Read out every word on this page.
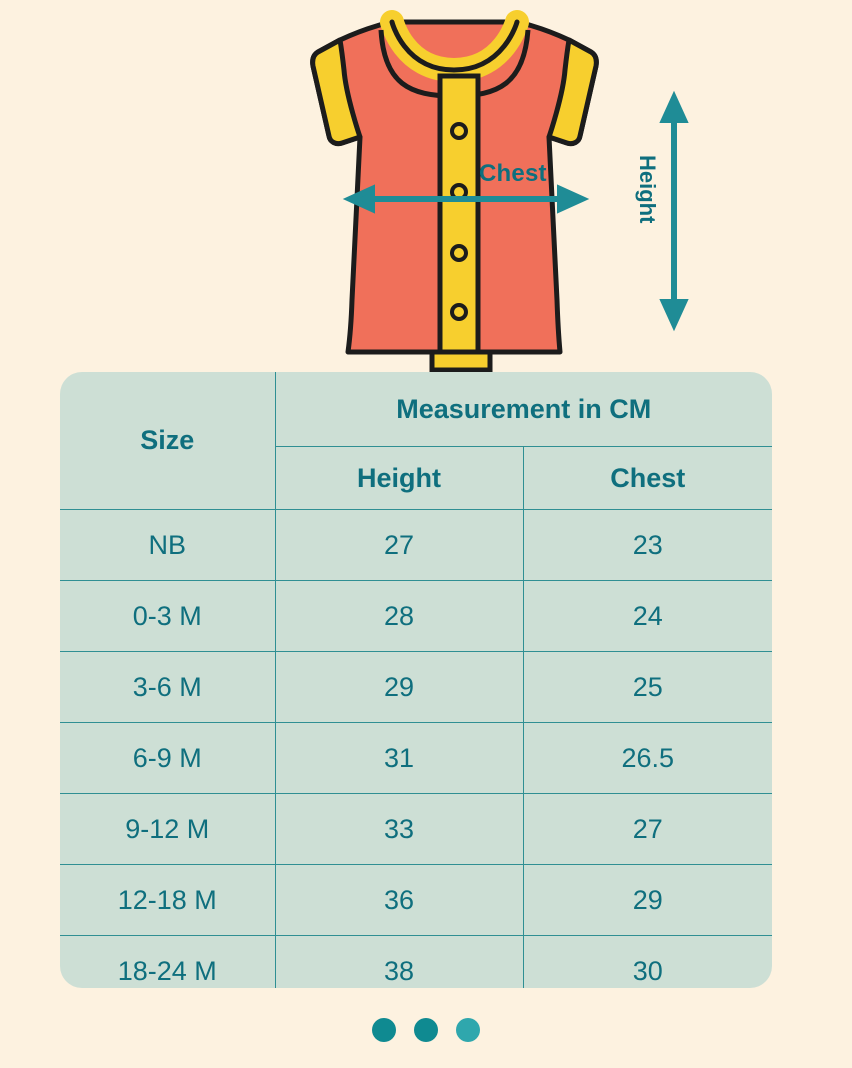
Chest	Height
Size	Measurement in CM	
	Height	Chest
NB	27	23
0-3 M	28	24
3-6 M	29	25
6-9 M	31	26.5
9-12 M	33	27
12-18 M	36	29
18-24 M	38	30
